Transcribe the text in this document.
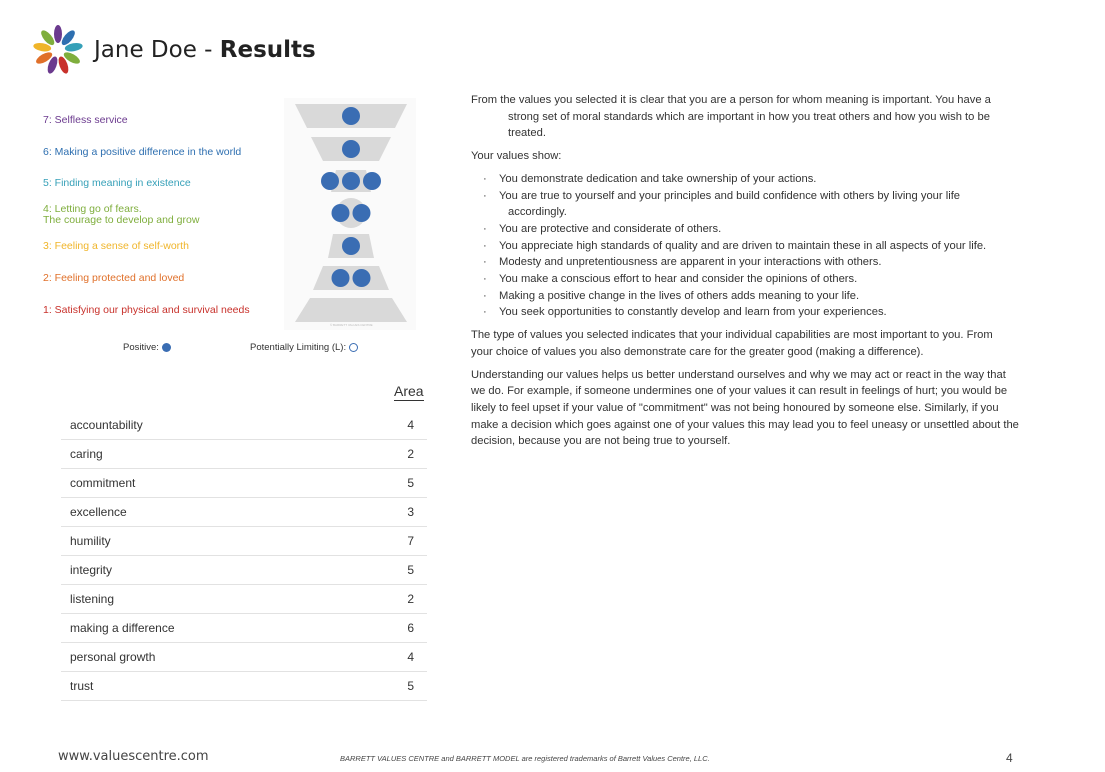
Jane Doe - Results
7: Selfless service
6: Making a positive difference in the world
5: Finding meaning in existence
4: Letting go of fears.
The courage to develop and grow
3: Feeling a sense of self-worth
2: Feeling protected and loved
1: Satisfying our physical and survival needs
© BARRETT VALUES CENTRE
Positive:	Potentially Limiting (L):
Area
accountability	4
caring	2
commitment	5
excellence	3
humility	7
integrity	5
listening	2
making a difference	6
personal growth	4
trust	5

From the values you selected it is clear that you are a person for whom meaning is important. You have a
strong set of moral standards which are important in how you treat others and how you wish to be
treated.

Your values show:

· You demonstrate dedication and take ownership of your actions.
· You are true to yourself and your principles and build confidence with others by living your life
accordingly.
· You are protective and considerate of others.
· You appreciate high standards of quality and are driven to maintain these in all aspects of your life.
· Modesty and unpretentiousness are apparent in your interactions with others.
· You make a conscious effort to hear and consider the opinions of others.
· Making a positive change in the lives of others adds meaning to your life.
· You seek opportunities to constantly develop and learn from your experiences.

The type of values you selected indicates that your individual capabilities are most important to you. From
your choice of values you also demonstrate care for the greater good (making a difference).

Understanding our values helps us better understand ourselves and why we may act or react in the way that
we do. For example, if someone undermines one of your values it can result in feelings of hurt; you would be
likely to feel upset if your value of "commitment" was not being honoured by someone else. Similarly, if you
make a decision which goes against one of your values this may lead you to feel uneasy or unsettled about the
decision, because you are not being true to yourself.

www.valuescentre.com	BARRETT VALUES CENTRE and BARRETT MODEL are registered trademarks of Barrett Values Centre, LLC.	4
